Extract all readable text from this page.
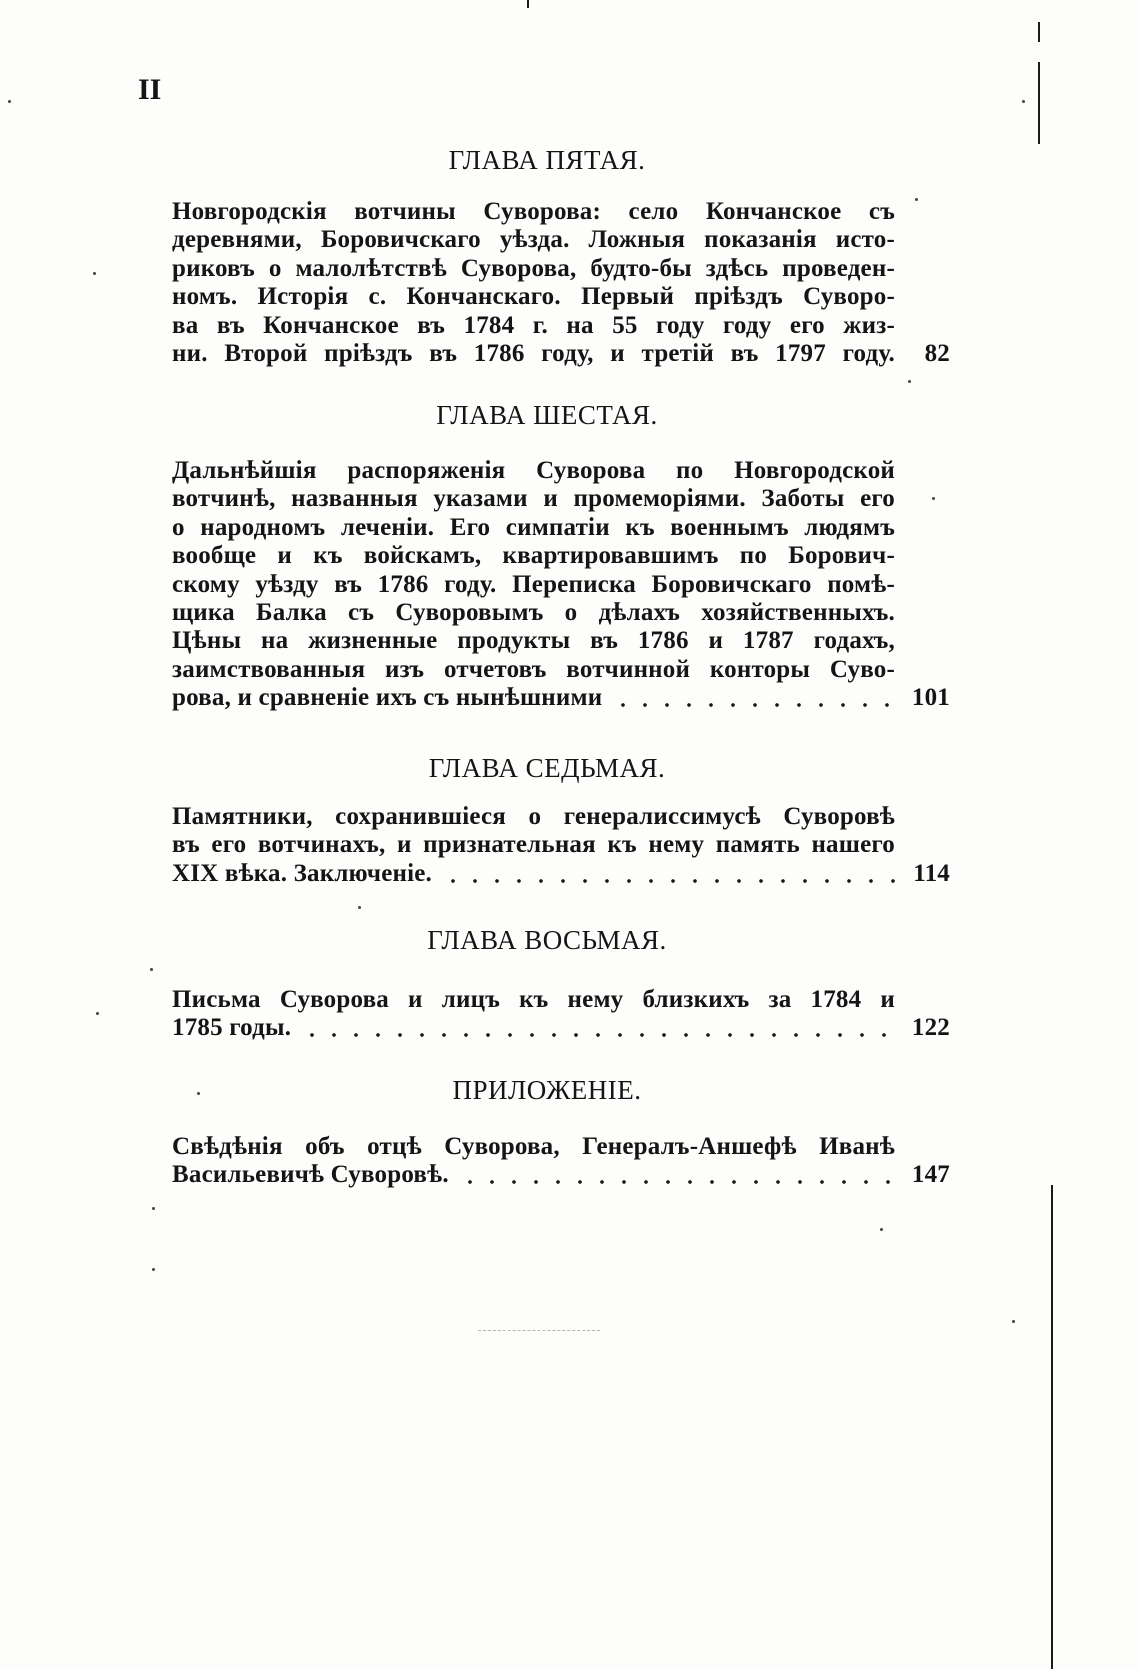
II
ГЛАВА ПЯТАЯ.
Новгородскія вотчины Суворова: село Кончанское съ
деревнями, Боровичскаго уѣзда. Ложныя показанія исто-
риковъ о малолѣтствѣ Суворова, будто-бы здѣсь проведен-
номъ. Исторія с. Кончанскаго. Первый пріѣздъ Суворо-
ва въ Кончанское въ 1784 г. на 55 году году его жиз-
ни. Второй пріѣздъ въ 1786 году, и третій въ 1797 году.	82
ГЛАВА ШЕСТАЯ.
Дальнѣйшія распоряженія Суворова по Новгородской
вотчинѣ, названныя указами и промеморіями. Заботы его
о народномъ леченіи. Его симпатіи къ военнымъ людямъ
вообще и къ войскамъ, квартировавшимъ по Борович-
скому уѣзду въ 1786 году. Переписка Боровичскаго помѣ-
щика Балка съ Суворовымъ о дѣлахъ хозяйственныхъ.
Цѣны на жизненные продукты въ 1786 и 1787 годахъ,
заимствованныя изъ отчетовъ вотчинной конторы Суво-
рова, и сравненіе ихъ съ нынѣшними	101
ГЛАВА СЕДЬМАЯ.
Памятники, сохранившіеся о генералиссимусѣ Суворовѣ
въ его вотчинахъ, и признательная къ нему память нашего
XIX вѣка. Заключеніе.	114
ГЛАВА ВОСЬМАЯ.
Письма Суворова и лицъ къ нему близкихъ за 1784 и
1785 годы.	122
ПРИЛОЖЕНІЕ.
Свѣдѣнія объ отцѣ Суворова, Генералъ-Аншефѣ Иванѣ
Васильевичѣ Суворовѣ.	147
